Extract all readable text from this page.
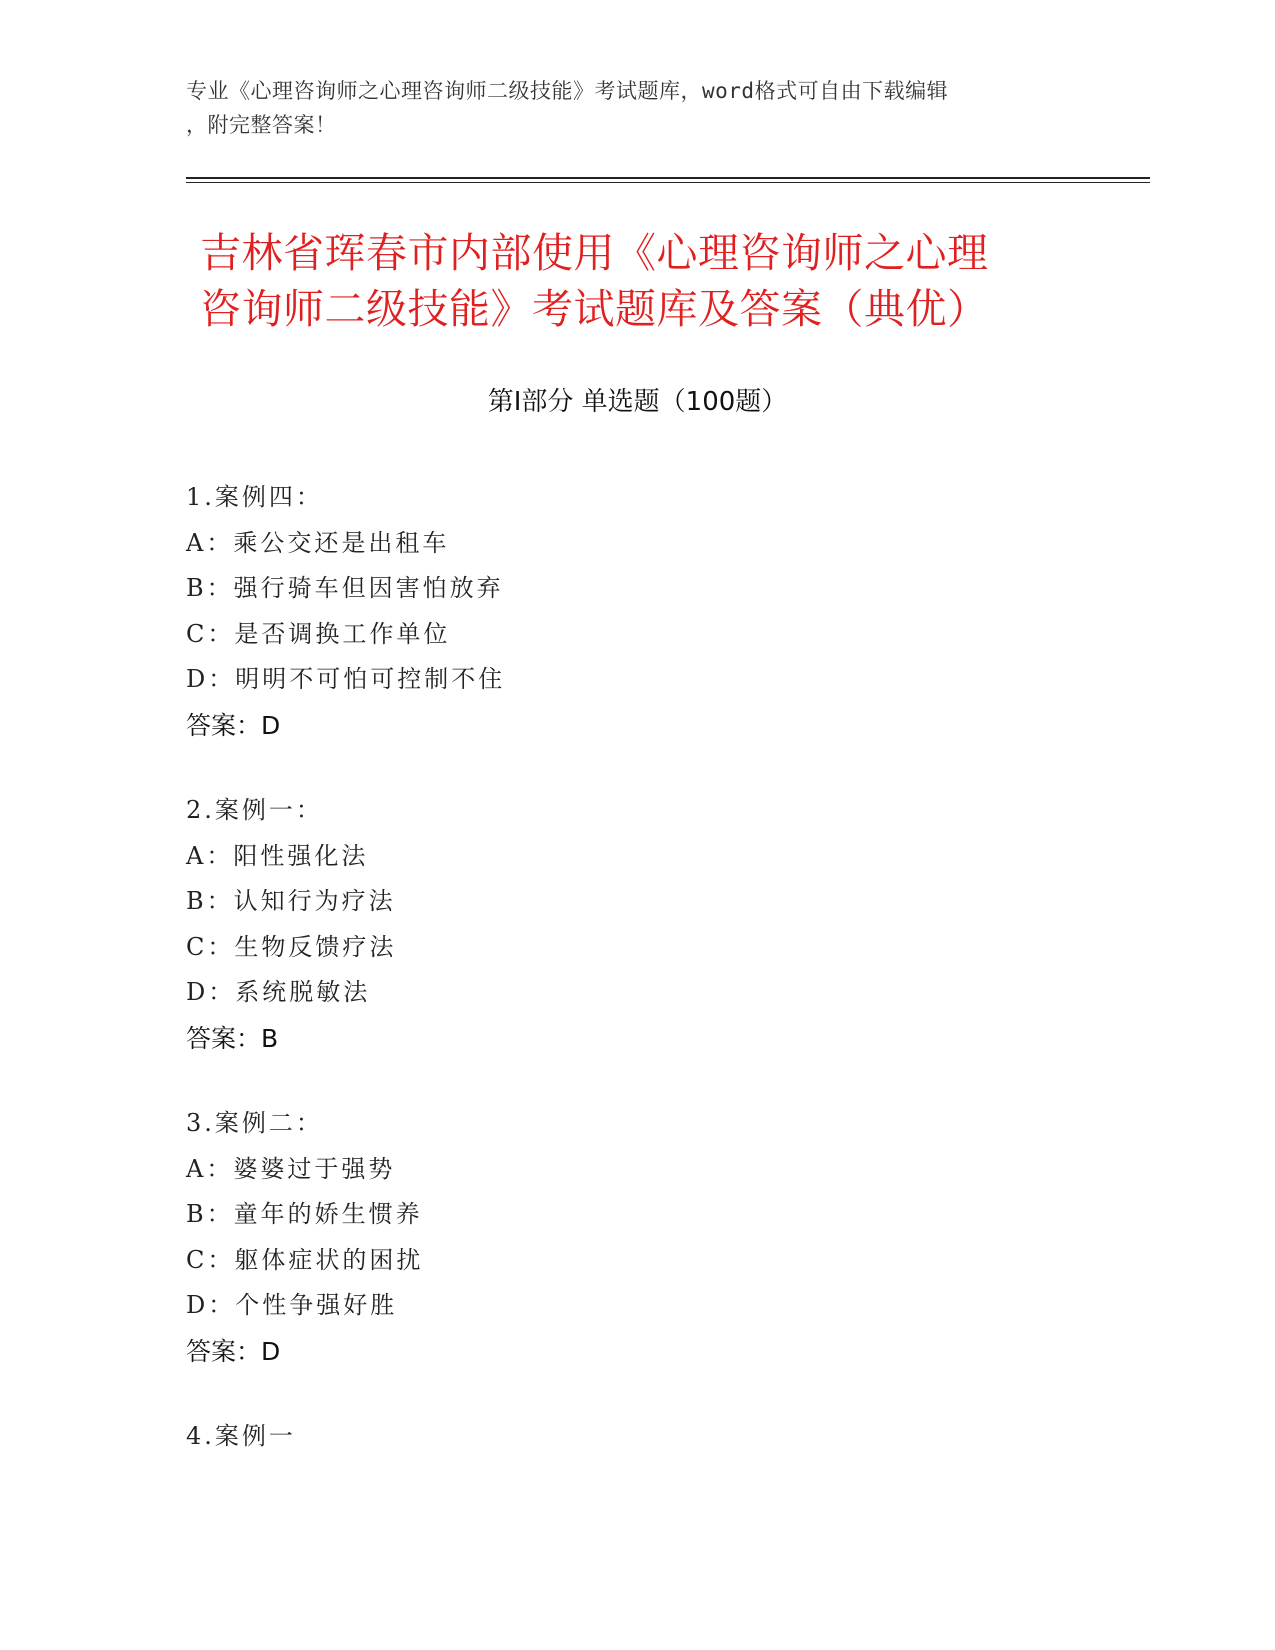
专业《心理咨询师之心理咨询师二级技能》考试题库，word格式可自由下载编辑
，附完整答案！
吉林省珲春市内部使用《心理咨询师之心理
咨询师二级技能》考试题库及答案（典优）
第Ⅰ部分 单选题（100题）
1.案例四：
A：乘公交还是出租车
B：强行骑车但因害怕放弃
C：是否调换工作单位
D：明明不可怕可控制不住
答案：D
2.案例一：
A：阳性强化法
B：认知行为疗法
C：生物反馈疗法
D：系统脱敏法
答案：B
3.案例二：
A：婆婆过于强势
B：童年的娇生惯养
C：躯体症状的困扰
D：个性争强好胜
答案：D
4.案例一
